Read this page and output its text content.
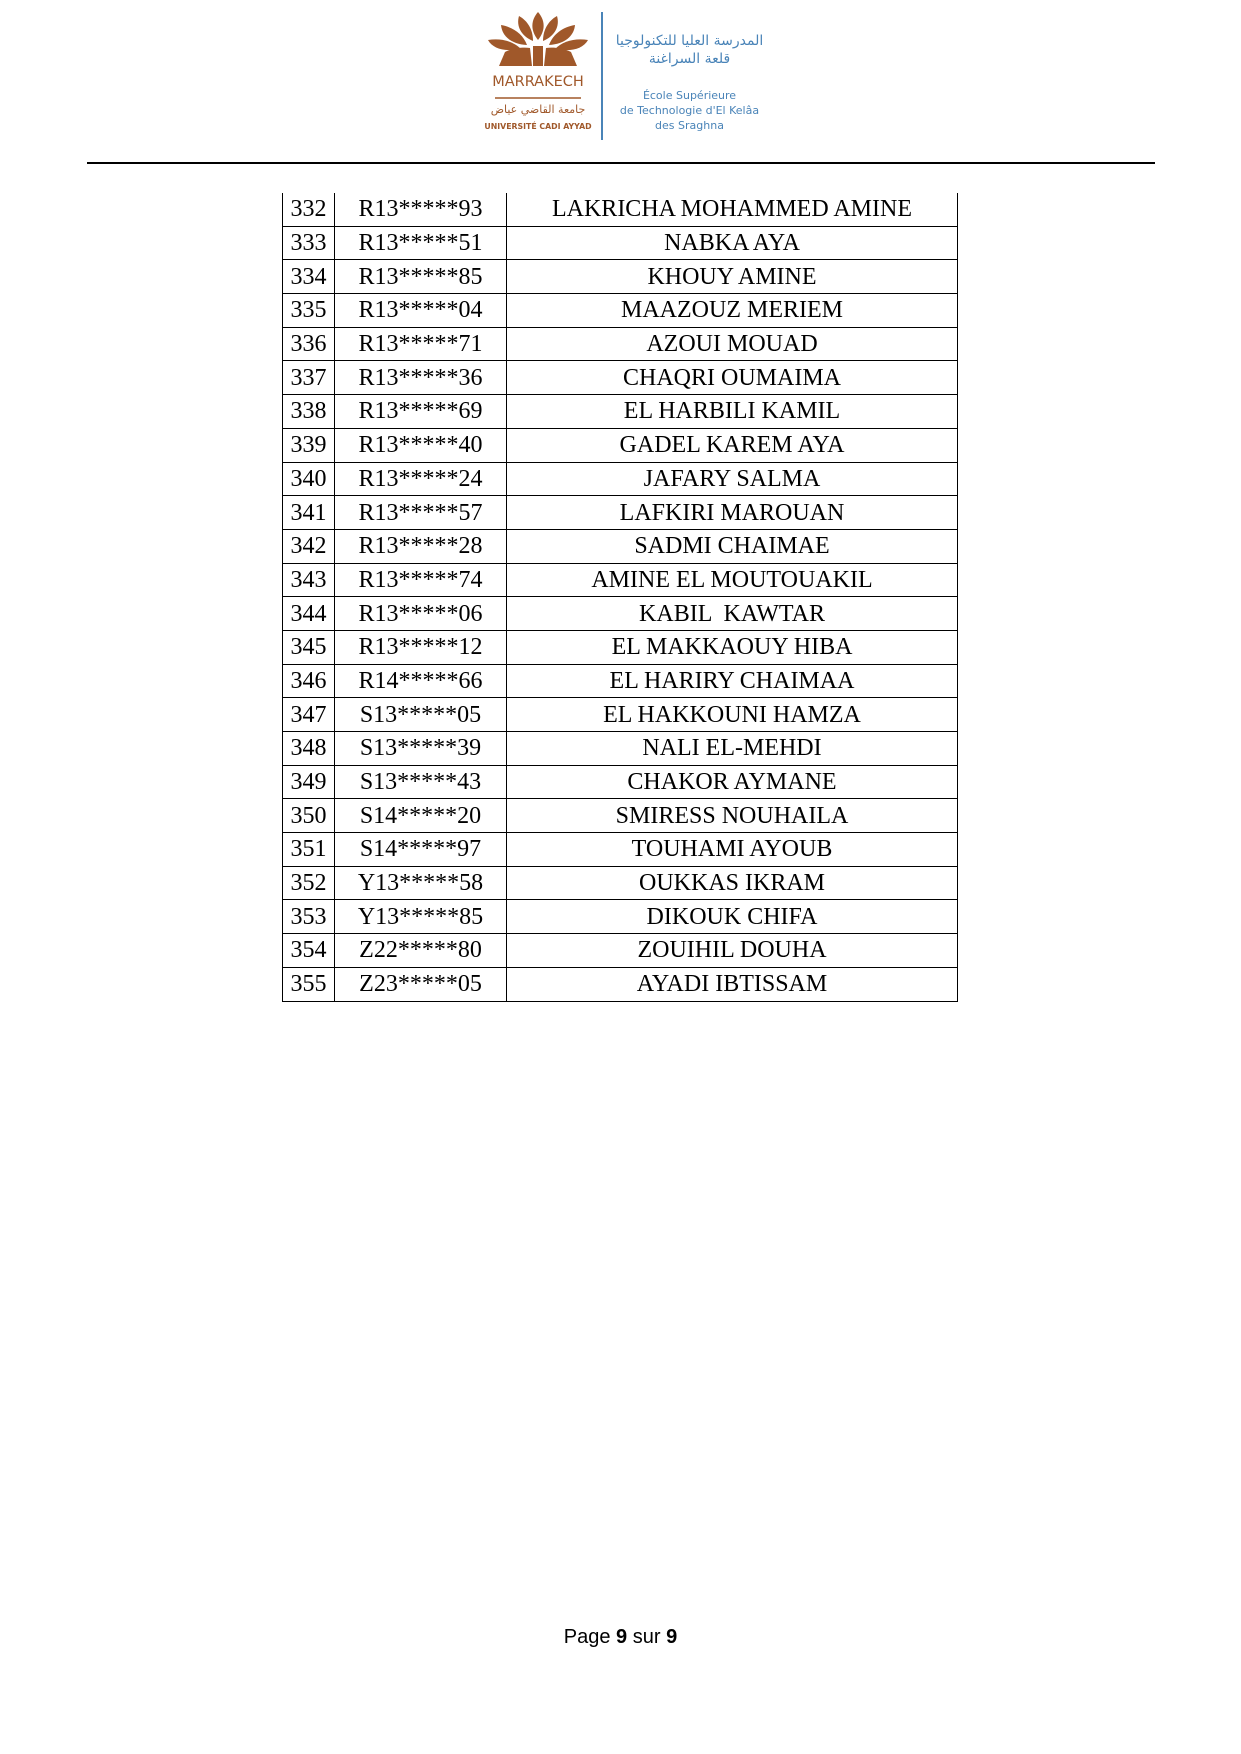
MARRAKECH
جامعة القاضي عياض
UNIVERSITÉ CADI AYYAD
المدرسة العليا للتكنولوجيا
قلعة السراغنة
École Supérieure
de Technologie d'El Kelâa
des Sraghna
332	R13*****93	LAKRICHA MOHAMMED AMINE
333	R13*****51	NABKA AYA
334	R13*****85	KHOUY AMINE
335	R13*****04	MAAZOUZ MERIEM
336	R13*****71	AZOUI MOUAD
337	R13*****36	CHAQRI OUMAIMA
338	R13*****69	EL HARBILI KAMIL
339	R13*****40	GADEL KAREM AYA
340	R13*****24	JAFARY SALMA
341	R13*****57	LAFKIRI MAROUAN
342	R13*****28	SADMI CHAIMAE
343	R13*****74	AMINE EL MOUTOUAKIL
344	R13*****06	KABIL  KAWTAR
345	R13*****12	EL MAKKAOUY HIBA
346	R14*****66	EL HARIRY CHAIMAA
347	S13*****05	EL HAKKOUNI HAMZA
348	S13*****39	NALI EL-MEHDI
349	S13*****43	CHAKOR AYMANE
350	S14*****20	SMIRESS NOUHAILA
351	S14*****97	TOUHAMI AYOUB
352	Y13*****58	OUKKAS IKRAM
353	Y13*****85	DIKOUK CHIFA
354	Z22*****80	ZOUIHIL DOUHA
355	Z23*****05	AYADI IBTISSAM
Page 9 sur 9
